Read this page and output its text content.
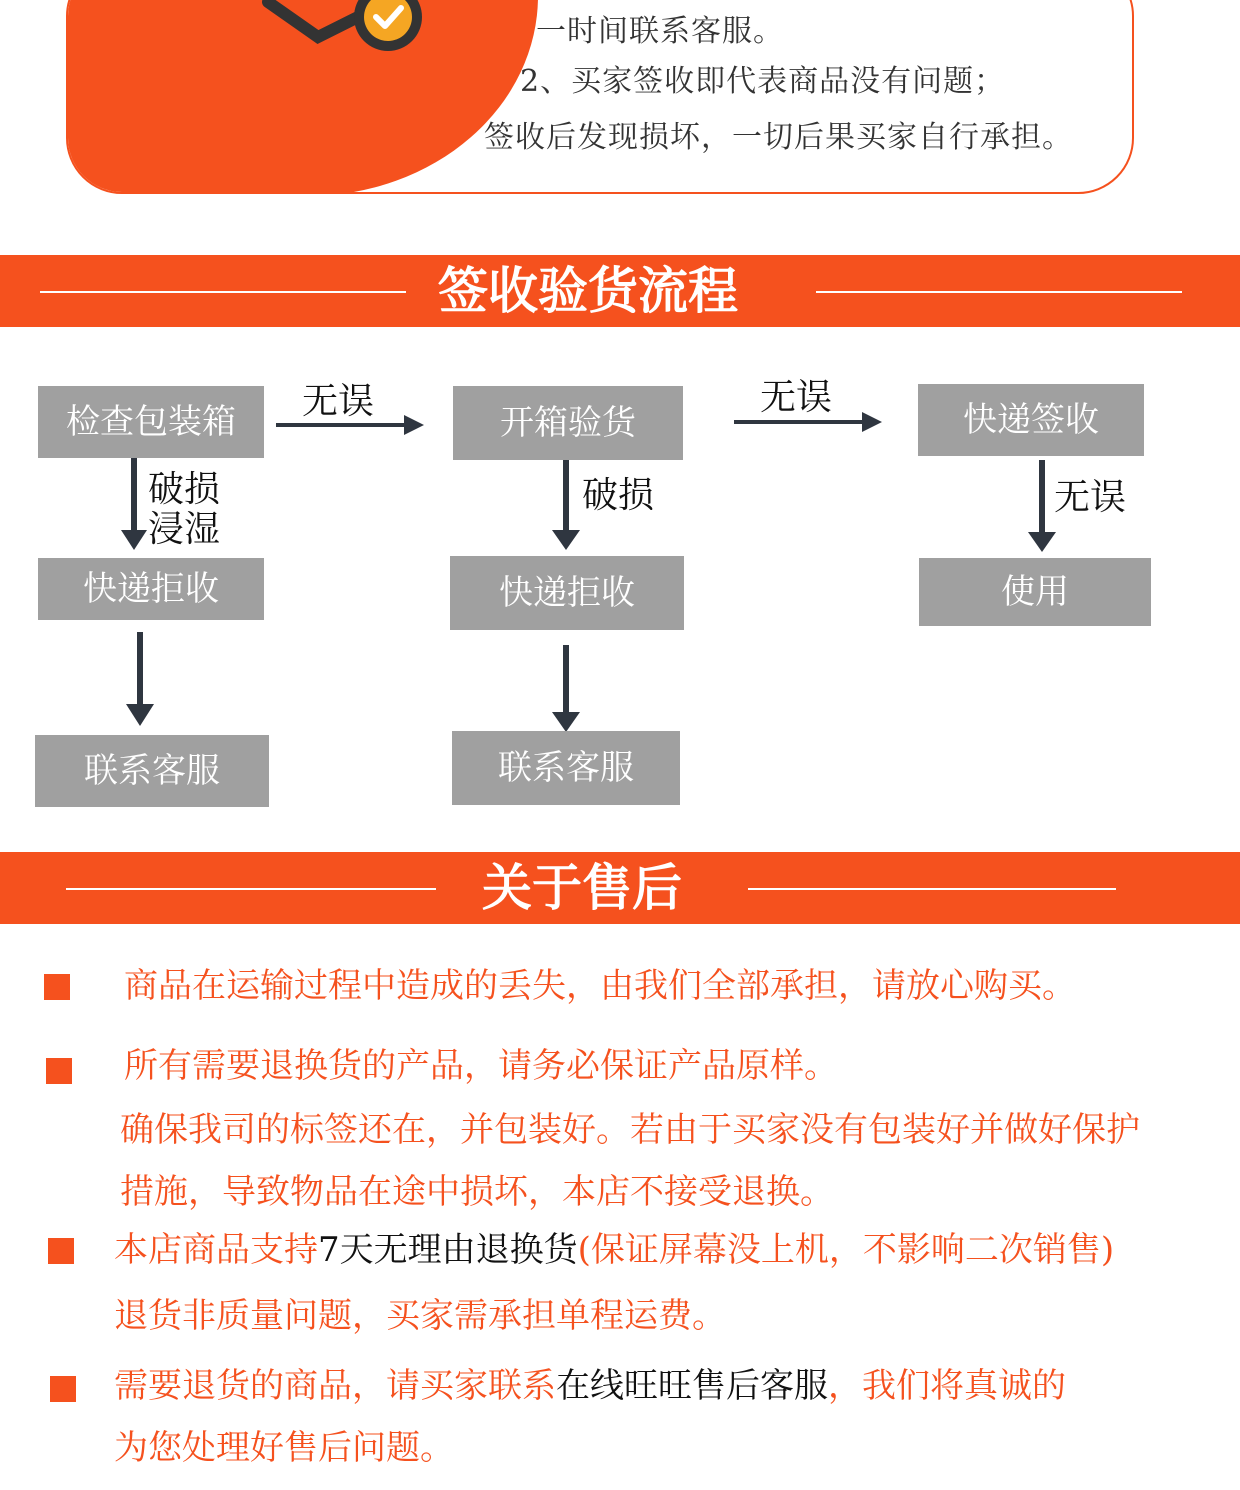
一时间联系客服。
2、买家签收即代表商品没有问题；
签收后发现损坏，一切后果买家自行承担。
签收验货流程
检查包装箱
破损
浸湿
快递拒收
联系客服
无误
开箱验货
破损
快递拒收
联系客服
无误
快递签收
无误
使用
关于售后
商品在运输过程中造成的丢失，由我们全部承担，请放心购买。
所有需要退换货的产品，请务必保证产品原样。
确保我司的标签还在，并包装好。若由于买家没有包装好并做好保护
措施，导致物品在途中损坏，本店不接受退换。
本店商品支持7天无理由退换货(保证屏幕没上机，不影响二次销售)
退货非质量问题，买家需承担单程运费。
需要退货的商品，请买家联系在线旺旺售后客服，我们将真诚的
为您处理好售后问题。
